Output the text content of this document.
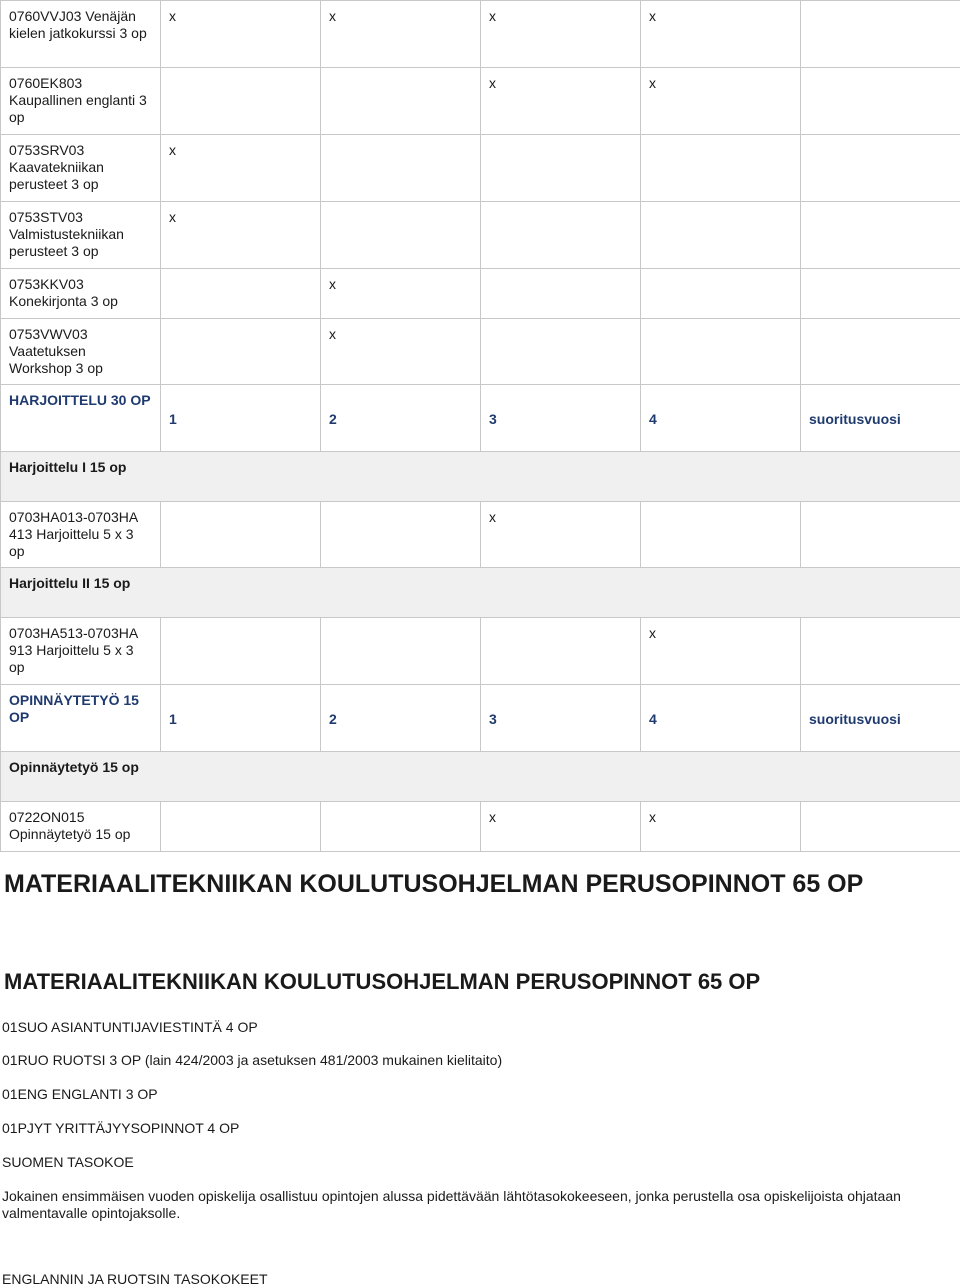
0760VVJ03 Venäjän kielen jatkokurssi 3 op	x	x	x	x	
0760EK803 Kaupallinen englanti 3 op			x	x	
0753SRV03 Kaavatekniikan perusteet 3 op	x				
0753STV03 Valmistustekniikan perusteet 3 op	x				
0753KKV03 Konekirjonta 3 op		x			
0753VWV03 Vaatetuksen Workshop 3 op		x			
HARJOITTELU 30 OP	1	2	3	4	suoritusvuosi
Harjoittelu I 15 op					
0703HA013-0703HA 413 Harjoittelu 5 x 3 op			x		
Harjoittelu II 15 op					
0703HA513-0703HA 913 Harjoittelu 5 x 3 op				x	
OPINNÄYTETYÖ 15 OP	1	2	3	4	suoritusvuosi
Opinnäytetyö 15 op					
0722ON015 Opinnäytetyö 15 op			x	x	
MATERIAALITEKNIIKAN KOULUTUSOHJELMAN PERUSOPINNOT 65 OP
MATERIAALITEKNIIKAN KOULUTUSOHJELMAN PERUSOPINNOT 65 OP

01SUO ASIANTUNTIJAVIESTINTÄ 4 OP

01RUO RUOTSI 3 OP (lain 424/2003 ja asetuksen 481/2003 mukainen kielitaito)

01ENG ENGLANTI 3 OP

01PJYT YRITTÄJYYSOPINNOT 4 OP

SUOMEN TASOKOE

Jokainen ensimmäisen vuoden opiskelija osallistuu opintojen alussa pidettävään lähtötasokokeeseen, jonka perustella osa opiskelijoista ohjataan valmentavalle opintojaksolle.

ENGLANNIN JA RUOTSIN TASOKOKEET
